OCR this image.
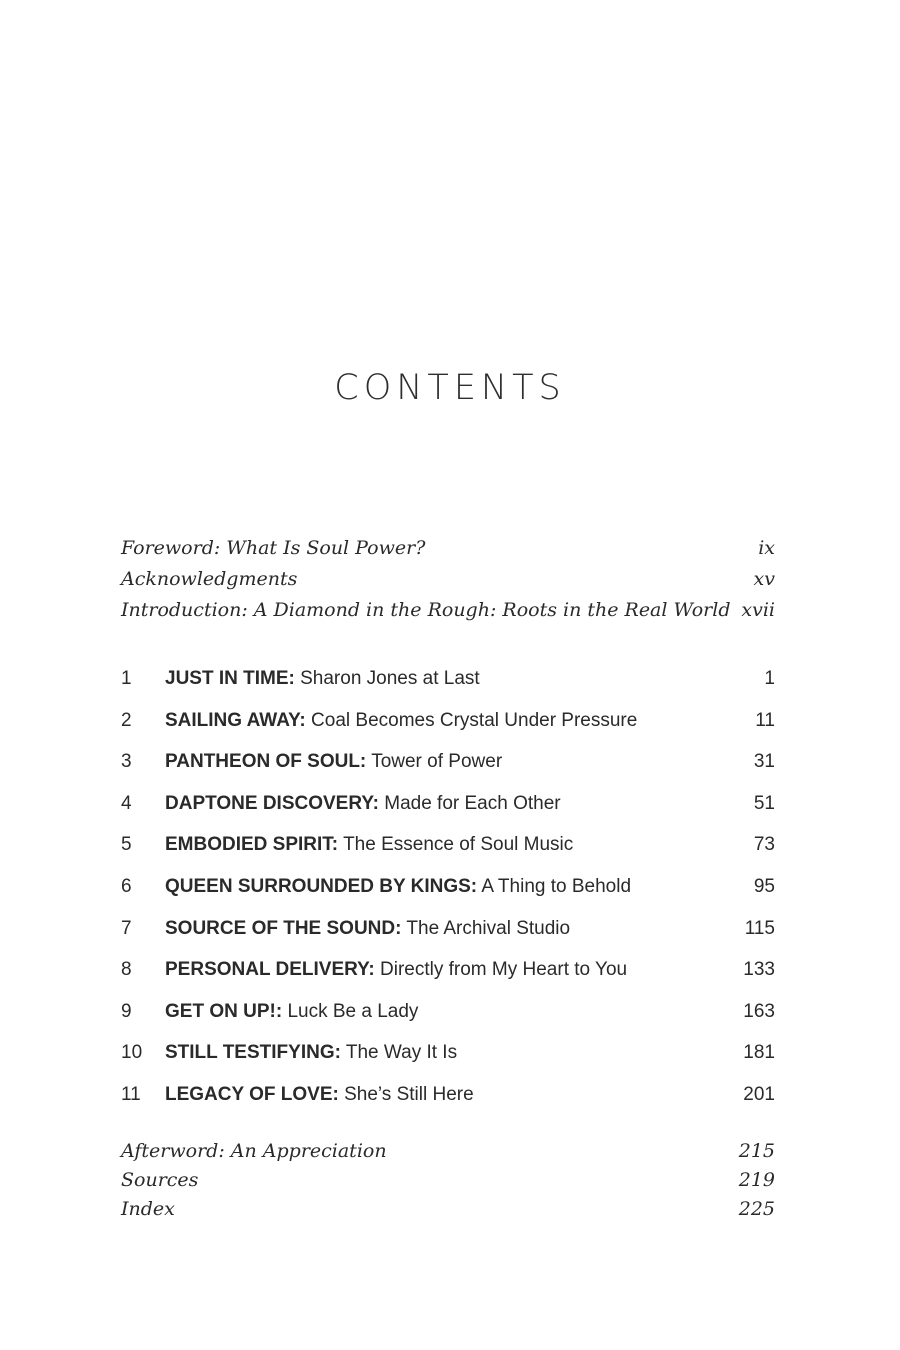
CONTENTS
Foreword: What Is Soul Power?	ix
Acknowledgments	xv
Introduction: A Diamond in the Rough: Roots in the Real World xvii
1	JUST IN TIME: Sharon Jones at Last	1
2	SAILING AWAY: Coal Becomes Crystal Under Pressure	11
3	PANTHEON OF SOUL: Tower of Power	31
4	DAPTONE DISCOVERY: Made for Each Other	51
5	EMBODIED SPIRIT: The Essence of Soul Music	73
6	QUEEN SURROUNDED BY KINGS: A Thing to Behold	95
7	SOURCE OF THE SOUND: The Archival Studio	115
8	PERSONAL DELIVERY: Directly from My Heart to You	133
9	GET ON UP!: Luck Be a Lady	163
10	STILL TESTIFYING: The Way It Is	181
11	LEGACY OF LOVE: She’s Still Here	201
Afterword: An Appreciation	215
Sources	219
Index	225
